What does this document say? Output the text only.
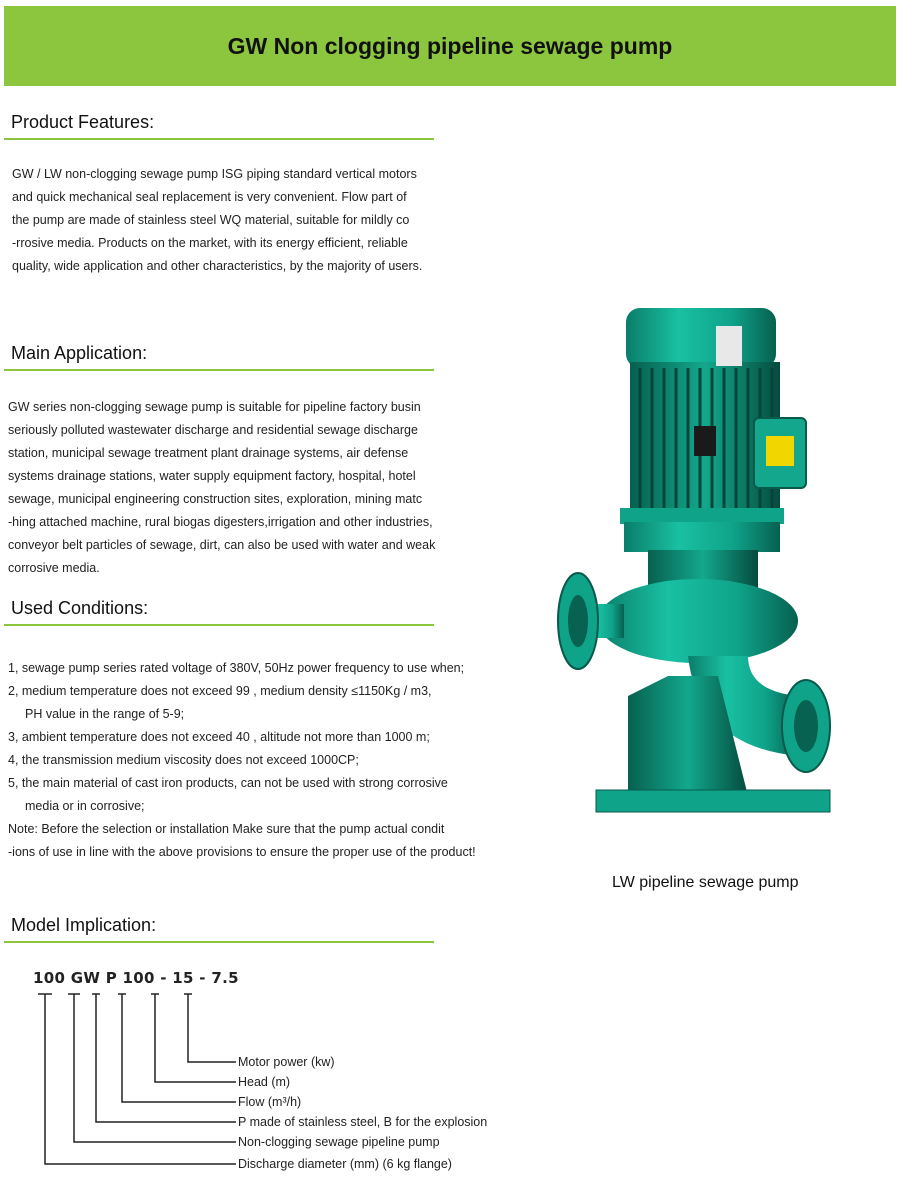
GW Non clogging pipeline sewage pump
Product Features:
GW / LW non-clogging sewage pump ISG piping standard vertical motors
and quick mechanical seal replacement is very convenient. Flow part of
the pump are made of stainless steel WQ material, suitable for mildly co
-rrosive media. Products on the market, with its energy efficient, reliable
quality, wide application and other characteristics, by the majority of users.
Main Application:
GW series non-clogging sewage pump is suitable for pipeline factory busin
seriously polluted wastewater discharge and residential sewage discharge
station, municipal sewage treatment plant drainage systems, air defense
systems drainage stations, water supply equipment factory, hospital, hotel
sewage, municipal engineering construction sites, exploration, mining matc
-hing attached machine, rural biogas digesters,irrigation and other industries,
conveyor belt particles of sewage, dirt, can also be used with water and weak
corrosive media.
Used Conditions:
1, sewage pump series rated voltage of 380V, 50Hz power frequency to use when;
2, medium temperature does not exceed 99 , medium density ≤1150Kg / m3,
PH value in the range of 5-9;
3, ambient temperature does not exceed 40 , altitude not more than 1000 m;
4, the transmission medium viscosity does not exceed 1000CP;
5, the main material of cast iron products, can not be used with strong corrosive
media or in corrosive;
Note: Before the selection or installation Make sure that the pump actual condit
-ions of use in line with the above provisions to ensure the proper use of the product!
LW pipeline sewage pump
Model Implication:
100 GW P 100 - 15 - 7.5
Motor power (kw)
Head (m)
Flow (m³/h)
P made of stainless steel, B for the explosion
Non-clogging sewage pipeline pump
Discharge diameter (mm) (6 kg flange)
